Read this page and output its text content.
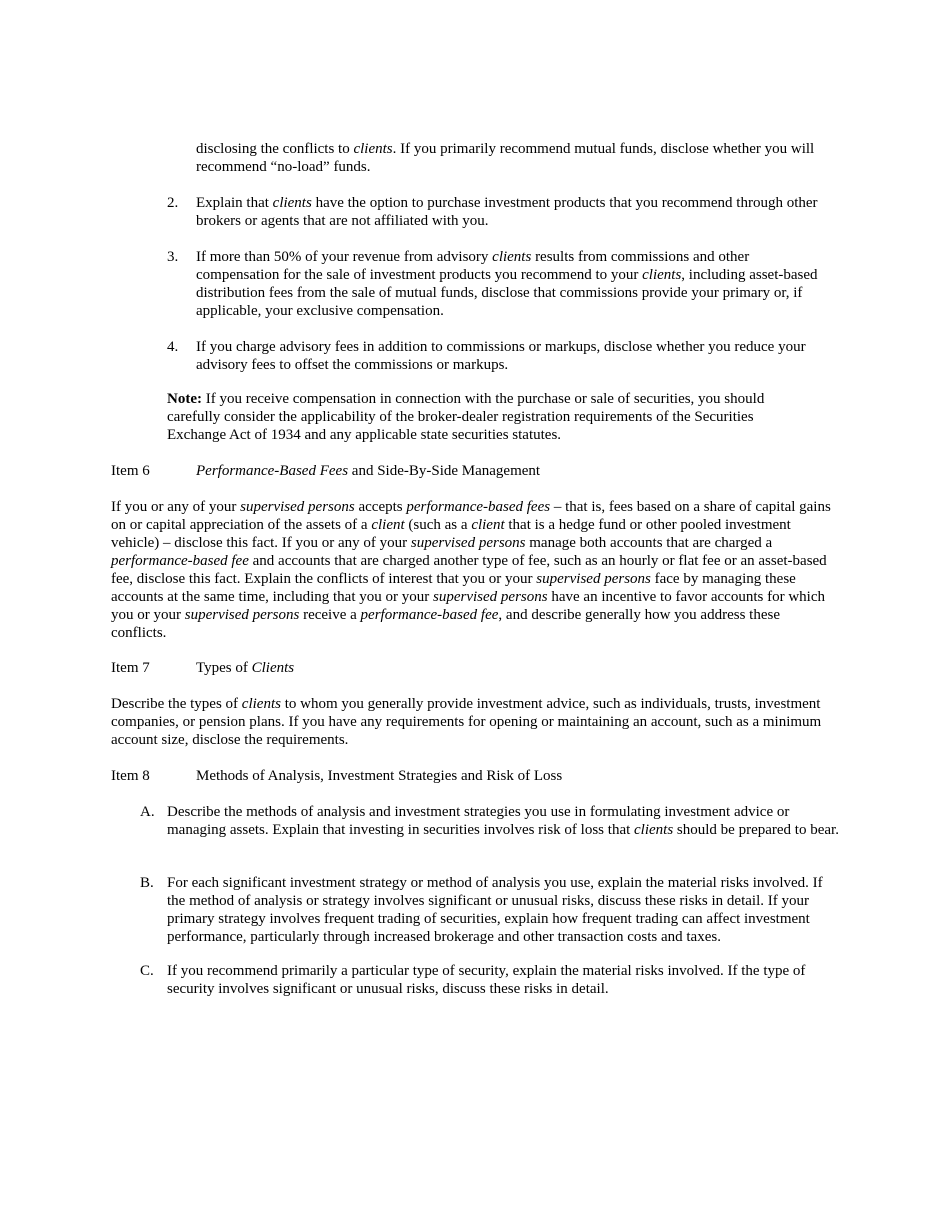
disclosing the conflicts to clients. If you primarily recommend mutual funds, disclose whether you will recommend “no-load” funds.

2. Explain that clients have the option to purchase investment products that you recommend through other brokers or agents that are not affiliated with you.

3. If more than 50% of your revenue from advisory clients results from commissions and other compensation for the sale of investment products you recommend to your clients, including asset-based distribution fees from the sale of mutual funds, disclose that commissions provide your primary or, if applicable, your exclusive compensation.

4. If you charge advisory fees in addition to commissions or markups, disclose whether you reduce your advisory fees to offset the commissions or markups.

Note: If you receive compensation in connection with the purchase or sale of securities, you should carefully consider the applicability of the broker-dealer registration requirements of the Securities Exchange Act of 1934 and any applicable state securities statutes.

Item 6	Performance-Based Fees and Side-By-Side Management

If you or any of your supervised persons accepts performance-based fees – that is, fees based on a share of capital gains on or capital appreciation of the assets of a client (such as a client that is a hedge fund or other pooled investment vehicle) – disclose this fact. If you or any of your supervised persons manage both accounts that are charged a performance-based fee and accounts that are charged another type of fee, such as an hourly or flat fee or an asset-based fee, disclose this fact. Explain the conflicts of interest that you or your supervised persons face by managing these accounts at the same time, including that you or your supervised persons have an incentive to favor accounts for which you or your supervised persons receive a performance-based fee, and describe generally how you address these conflicts.

Item 7	Types of Clients

Describe the types of clients to whom you generally provide investment advice, such as individuals, trusts, investment companies, or pension plans. If you have any requirements for opening or maintaining an account, such as a minimum account size, disclose the requirements.

Item 8	Methods of Analysis, Investment Strategies and Risk of Loss

A. Describe the methods of analysis and investment strategies you use in formulating investment advice or managing assets. Explain that investing in securities involves risk of loss that clients should be prepared to bear.

B. For each significant investment strategy or method of analysis you use, explain the material risks involved. If the method of analysis or strategy involves significant or unusual risks, discuss these risks in detail. If your primary strategy involves frequent trading of securities, explain how frequent trading can affect investment performance, particularly through increased brokerage and other transaction costs and taxes.

C. If you recommend primarily a particular type of security, explain the material risks involved. If the type of security involves significant or unusual risks, discuss these risks in detail.
